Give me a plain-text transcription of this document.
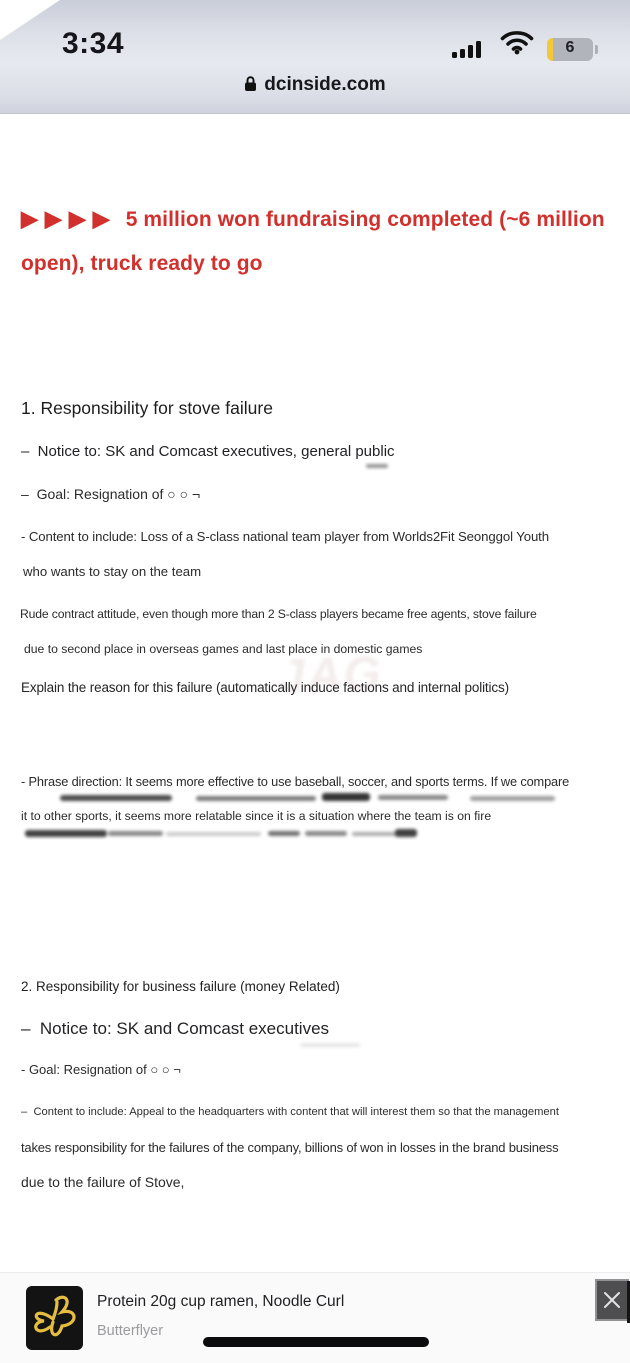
3:34	6
dcinside.com
▶▶▶▶ 5 million won fundraising completed (~6 million
open), truck ready to go
1. Responsibility for stove failure
–  Notice to: SK and Comcast executives, general public
–  Goal: Resignation of ○ ○ ¬
- Content to include: Loss of a S-class national team player from Worlds2Fit Seonggol Youth
who wants to stay on the team
Rude contract attitude, even though more than 2 S-class players became free agents, stove failure
due to second place in overseas games and last place in domestic games
JAG
Explain the reason for this failure (automatically induce factions and internal politics)
- Phrase direction: It seems more effective to use baseball, soccer, and sports terms. If we compare
it to other sports, it seems more relatable since it is a situation where the team is on fire
2. Responsibility for business failure (money Related)
–  Notice to: SK and Comcast executives
- Goal: Resignation of ○ ○ ¬
–  Content to include: Appeal to the headquarters with content that will interest them so that the management
takes responsibility for the failures of the company, billions of won in losses in the brand business
due to the failure of Stove,
Protein 20g cup ramen, Noodle Curl
Butterflyer
